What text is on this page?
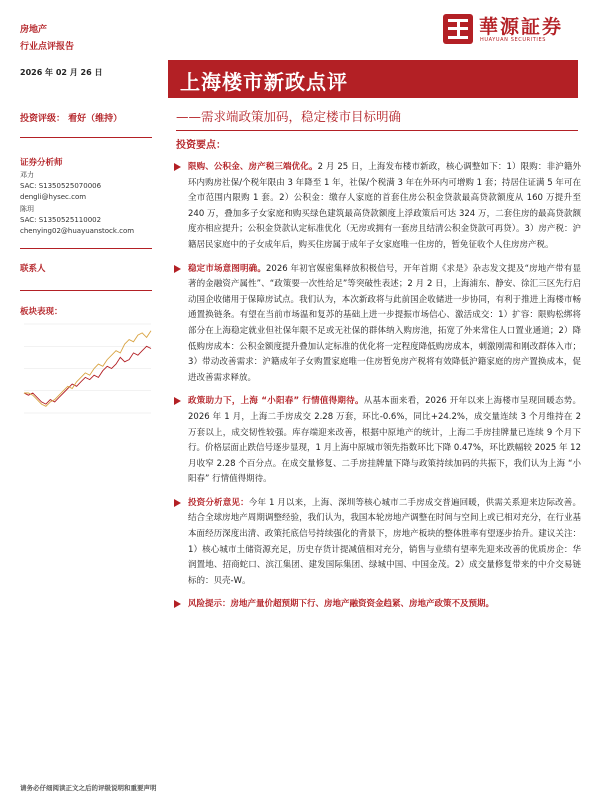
房地产
行业点评报告
華源証券
HUAYUAN SECURITIES
2026 年 02 月 26 日	上海楼市新政点评
投资评级： 看好（维持）	——需求端政策加码，稳定楼市目标明确
投资要点：
证券分析师
邓力
SAC: S1350525070006
dengli@hysec.com
陈玥
SAC: S1350525110002
chenying02@huayuanstock.com
联系人
板块表现：

限购、公积金、房产税三端优化。2 月 25 日，上海发布楼市新政，核心调整如下：1）限购：非沪籍外环内购房社保/个税年限由 3 年降至 1 年，社保/个税满 3 年在外环内可增购 1 套；持居住证满 5 年可在全市范围内限购 1 套。2）公积金：缴存人家庭的首套住房公积金贷款最高贷款额度从 160 万提升至 240 万，叠加多子女家庭和购买绿色建筑最高贷款额度上浮政策后可达 324 万，二套住房的最高贷款额度亦相应提升；公积金贷款认定标准优化（无房或拥有一套房且结清公积金贷款可再贷）。3）房产税：沪籍居民家庭中的子女成年后，购买住房属于成年子女家庭唯一住房的，暂免征收个人住房房产税。

稳定市场意图明确。2026 年初官媒密集释放积极信号，开年首期《求是》杂志发文提及“房地产带有显著的金融资产属性”、“政策要一次性给足”等突破性表述；2 月 2 日，上海浦东、静安、徐汇三区先行启动国企收储用于保障房试点。我们认为，本次新政将与此前国企收储进一步协同，有利于推进上海楼市畅通置换链条。有望在当前市场温和复苏的基础上进一步提振市场信心、激活成交：1）扩容：限购松绑将部分在上海稳定就业但社保年限不足或无社保的群体纳入购房池，拓宽了外来常住人口置业通道；2）降低购房成本：公积金额度提升叠加认定标准的优化将一定程度降低购房成本，刺激刚需和刚改群体入市；3）带动改善需求：沪籍成年子女购置家庭唯一住房暂免房产税将有效降低沪籍家庭的房产置换成本，促进改善需求释放。

政策助力下，上海 “小阳春” 行情值得期待。从基本面来看，2026 开年以来上海楼市呈现回暖态势。2026 年 1 月，上海二手房成交 2.28 万套，环比-0.6%，同比+24.2%，成交量连续 3 个月维持在 2 万套以上，成交韧性较强。库存端迎来改善，根据中原地产的统计，上海二手房挂牌量已连续 9 个月下行。价格层面止跌信号逐步显现，1 月上海中原城市领先指数环比下降 0.47%，环比跌幅较 2025 年 12 月收窄 2.28 个百分点。在成交量修复、二手房挂牌量下降与政策持续加码的共振下，我们认为上海 “小阳春” 行情值得期待。

投资分析意见：今年 1 月以来，上海、深圳等核心城市二手房成交普遍回暖，供需关系迎来边际改善。结合全球房地产周期调整经验，我们认为，我国本轮房地产调整在时间与空间上或已相对充分，在行业基本面经历深度出清、政策托底信号持续强化的背景下，房地产板块的整体胜率有望逐步抬升。建议关注：1）核心城市土储资源充足，历史存货计提减值相对充分，销售与业绩有望率先迎来改善的优质房企：华润置地、招商蛇口、滨江集团、建发国际集团、绿城中国、中国金茂。2）成交量修复带来的中介交易链标的：贝壳-W。

风险提示：房地产量价超预期下行、房地产融资资金趋紧、房地产政策不及预期。

请务必仔细阅读正文之后的评级说明和重要声明
